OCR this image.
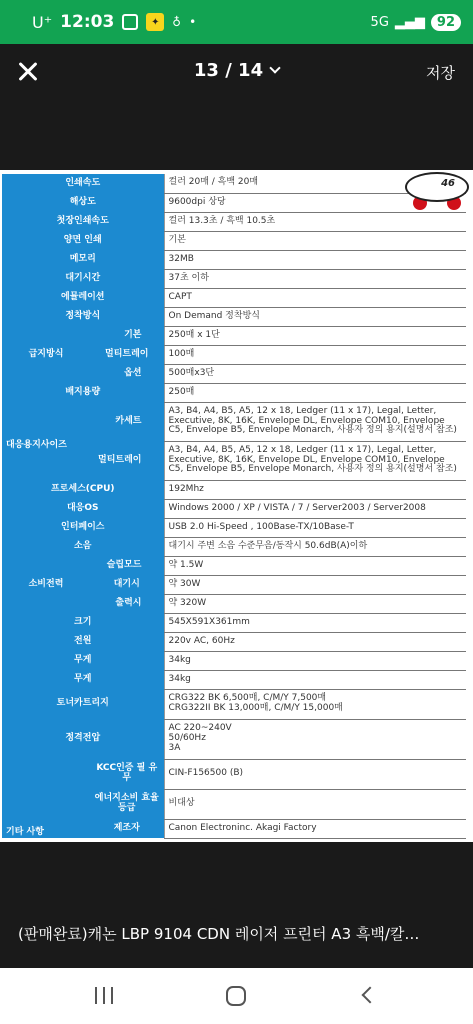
U⁺ 12:03	✦	♁ •	5G ▂▄▆ 92
13 / 14	저장
인쇄속도		컬러 20매 / 흑백 20매
해상도		9600dpi 상당
첫장인쇄속도		컬러 13.3초 / 흑백 10.5초
양면 인쇄		기본
메모리		32MB
대기시간		37초 이하
에뮬레이션		CAPT
정착방식		On Demand 정착방식
	기본	250매 x 1단
급지방식	멀티트레이	100매
	옵션	500매x3단
배지용량		250매
	카세트	A3, B4, A4, B5, A5, 12 x 18, Ledger (11 x 17), Legal, Letter, Executive, 8K, 16K, Envelope DL, Envelope COM10, Envelope C5, Envelope B5, Envelope Monarch, 사용자 정의 용지(설명서 참조)
대응용지사이즈	멀티트레이	A3, B4, A4, B5, A5, 12 x 18, Ledger (11 x 17), Legal, Letter, Executive, 8K, 16K, Envelope DL, Envelope COM10, Envelope C5, Envelope B5, Envelope Monarch, 사용자 정의 용지(설명서 참조)
프로세스(CPU)		192Mhz
대응OS		Windows 2000 / XP / VISTA / 7 / Server2003 / Server2008
인터페이스		USB 2.0 Hi-Speed , 100Base-TX/10Base-T
소음		대기시 주변 소음 수준무음/동작시 50.6dB(A)이하
	슬립모드	약 1.5W
소비전력	대기시	약 30W
	출력시	약 320W
크기		545X591X361mm
전원		220v AC, 60Hz
무게		34kg
무게		34kg
토너카트리지		CRG322 BK 6,500매, C/M/Y 7,500매
CRG322II BK 13,000매, C/M/Y 15,000매

정격전압		AC 220~240V
50/60Hz
3A

	KCC인증 필 유무	CIN-F156500 (B)
	에너지소비 효율등급	비대상
기타 사항	제조자	Canon Electroninc. Akagi Factory
46
(판매완료)캐논 LBP 9104 CDN 레이저 프린터 A3 흑백/칼…
